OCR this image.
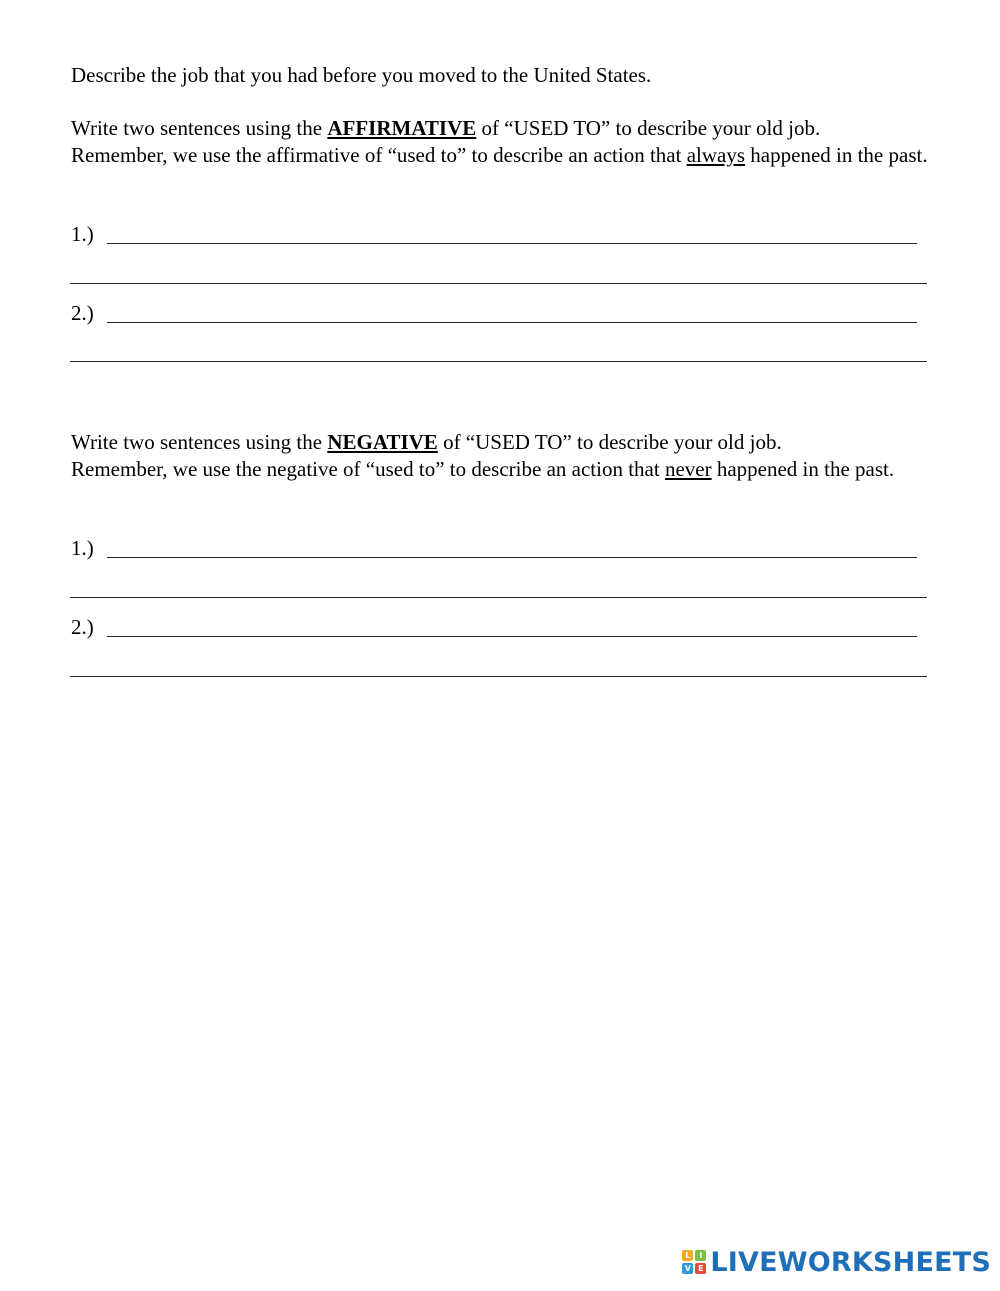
Describe the job that you had before you moved to the United States.

Write two sentences using the AFFIRMATIVE of “USED TO” to describe your old job.
Remember, we use the affirmative of “used to” to describe an action that always happened in the past.

1.)
2.)

Write two sentences using the NEGATIVE of “USED TO” to describe your old job.
Remember, we use the negative of “used to” to describe an action that never happened in the past.

1.)
2.)
L	I
V E LIVEWORKSHEETS
